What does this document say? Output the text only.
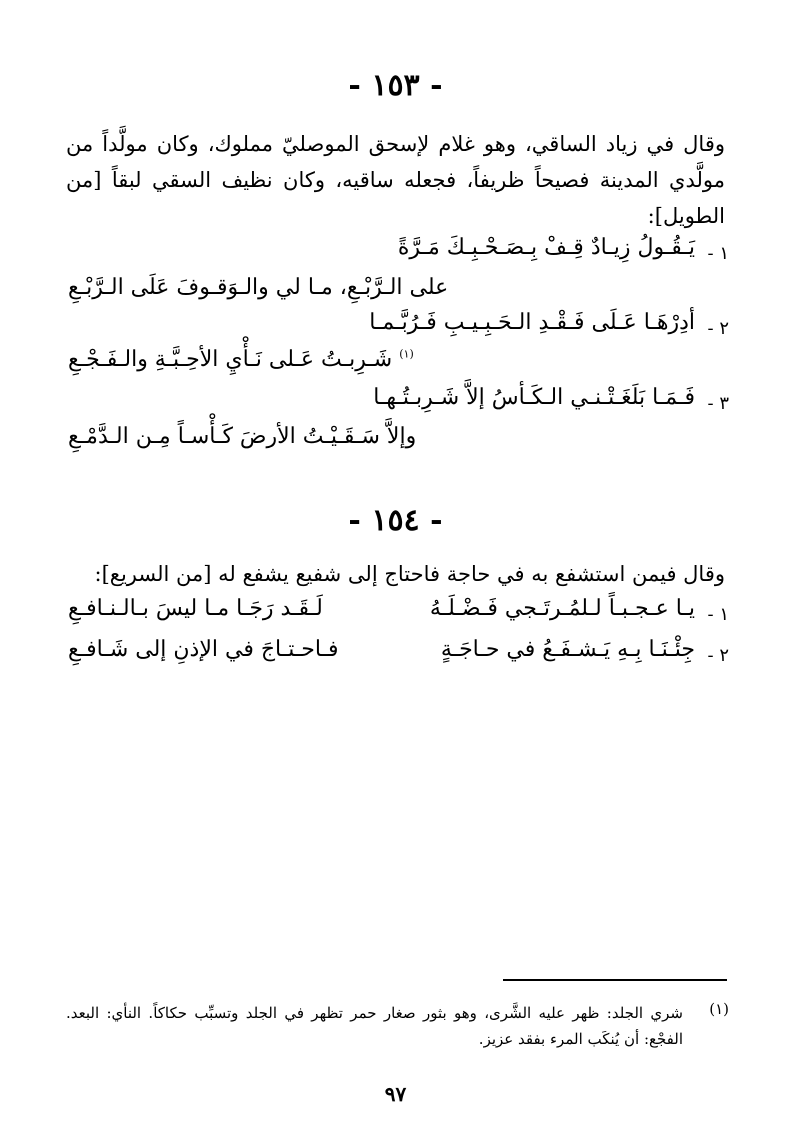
- ١٥٣ -
وقال في زياد الساقي، وهو غلام لإسحق الموصليّ مملوك، وكان مولَّداً من مولَّدي المدينة فصيحاً ظريفاً، فجعله ساقيه، وكان نظيف السقي لبقاً [من الطويل]:
١ -
يَـقُـولُ زِيـادٌ قِـفْ بِـصَـحْـبِـكَ مَـرَّةً
على الـرَّبْـعِ، مـا لي والـوَقـوفَ عَلَى الـرَّبْـعِ
٢ -
أدِرْهَـا عَـلَى فَـقْـدِ الـحَـبِـيـبِ فَـرُبَّـمـا
$^{(١)}$ شَـرِبـتُ عَـلى نَـأْيِ الأحِـبَّـةِ والـفَـجْـعِ
٣ -
فَـمَـا بَلَغَـتْـنـي الـكَـأسُ إلاَّ شَـرِبـتُـهـا
وإلاَّ سَـقَـيْـتُ الأرضَ كَـأْسـاً مِـن الـدَّمْـعِ
- ١٥٤ -
وقال فيمن استشفع به في حاجة فاحتاج إلى شفيع يشفع له [من السريع]:
١ -
يـا عـجـبـاً لـلمُـرتَـجي فَـضْـلَـهُ
لَـقَـد رَجَـا مـا ليسَ بـالـنـافـعِ
٢ -
جِئْـنَـا بِـهِ يَـشـفَـعُ في حـاجَـةٍ
فـاحـتـاجَ في الإذنِ إلى شَـافـعِ
(١)
شري الجلد: ظهر عليه الشَّرى، وهو بثور صغار حمر تظهر في الجلد وتسبِّب حكاكاً. النأي: البعد. الفجْع: أن يُنكَب المرء بفقد عزيز.
٩٧
